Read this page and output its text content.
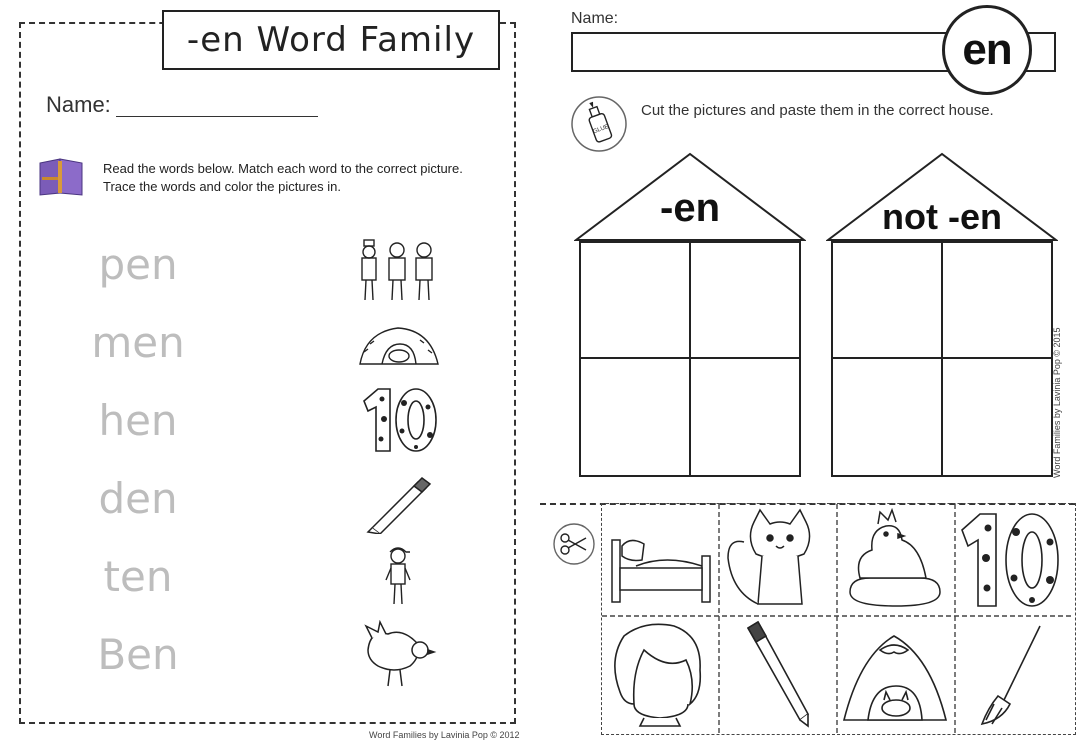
-en Word Family
Name:
Read the words below. Match each word to the correct picture.
Trace the words and color the pictures in.
pen
men
hen
den
ten
Ben
Word Families by Lavinia Pop © 2012
Name:
en
GLUE
Cut the pictures and paste them in the correct house.
-en	not -en
Word Families by Lavinia Pop © 2015
